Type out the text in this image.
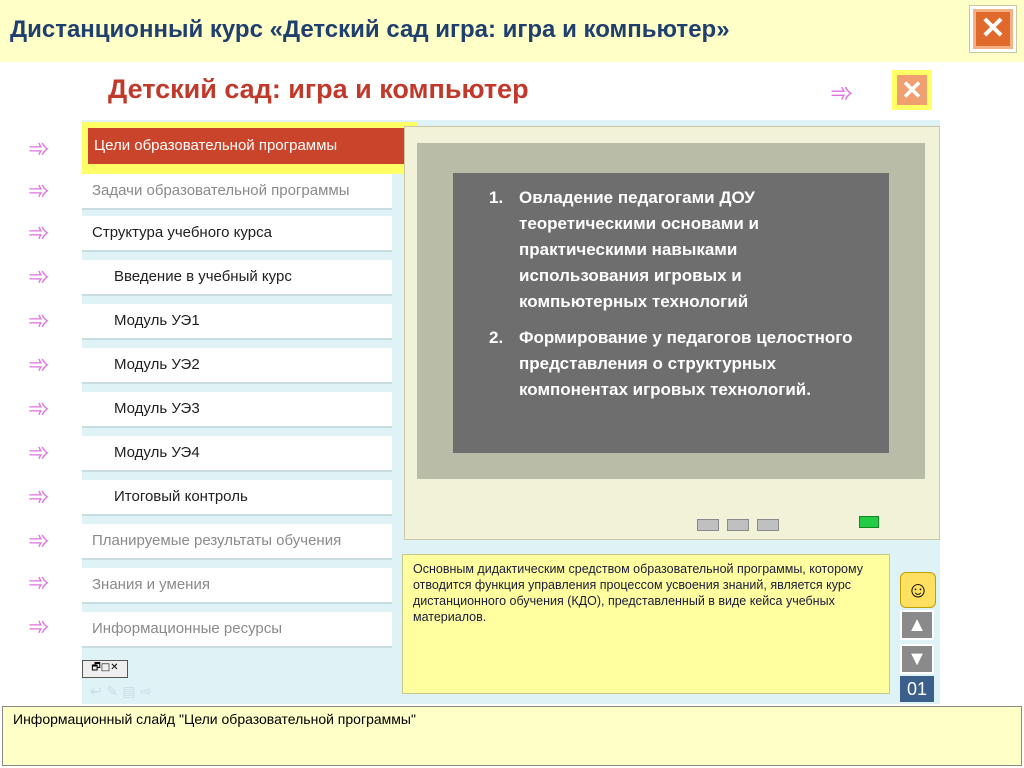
Дистанционный курс «Детский сад игра: игра и компьютер»	✕
➾
➾
➾
➾
➾
➾
➾
➾
➾
➾
➾
➾
Детский сад: игра и компьютер	➾ ✕
Цели образовательной программы
Задачи образовательной программы
Структура учебного курса
Введение в учебный курс
Модуль УЭ1
Модуль УЭ2
Модуль УЭ3
Модуль УЭ4
Итоговый контроль
Планируемые результаты обучения
Знания и умения
Информационные ресурсы
1. Овладение педагогами ДОУ теоретическими основами и практическими навыками использования игровых и компьютерных технологий
2. Формирование у педагогов целостного представления о структурных компонентах игровых технологий.
Основным дидактическим средством образовательной программы, которому отводится функция управления процессом усвоения знаний, является курс дистанционного обучения (КДО), представленный в виде кейса учебных материалов.
☺
▲
▼
01
🗗□✕
↩ ✎ ▤ ⇨
Информационный слайд "Цели образовательной программы"
